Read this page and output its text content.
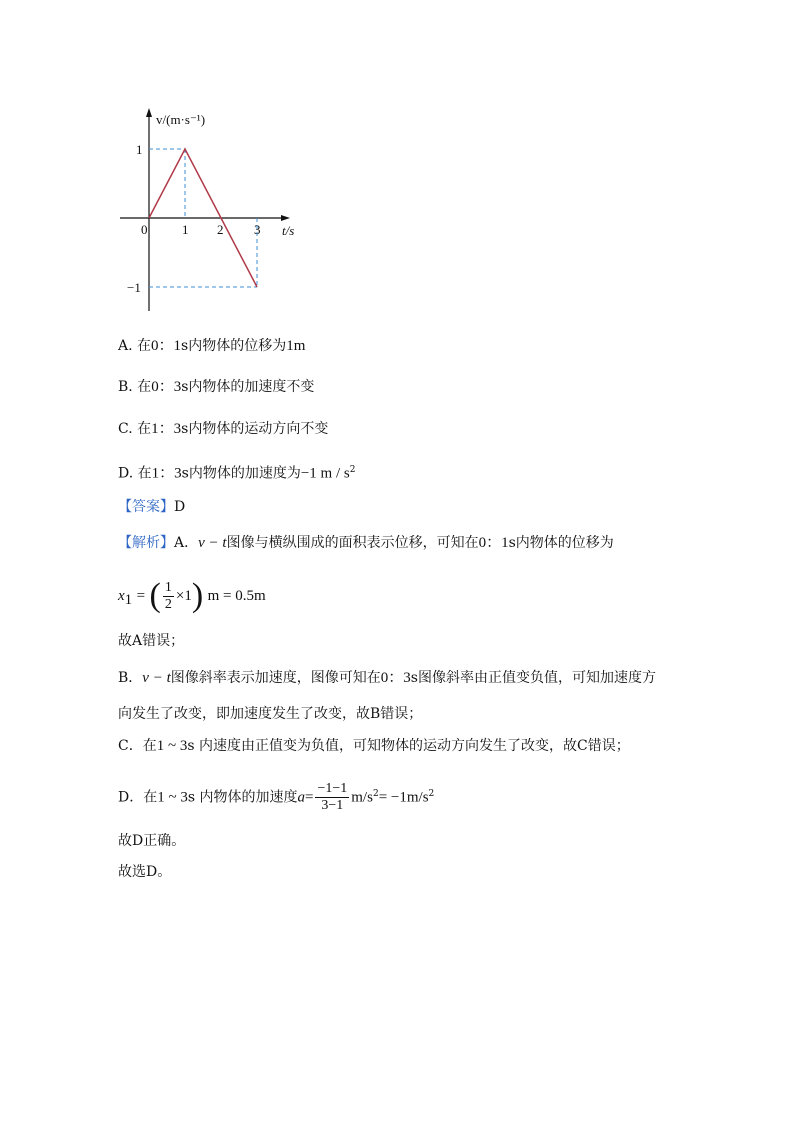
0	1 2 3
1
−1
t/s
v/(m·s⁻¹)
A. 在0：1s内物体的位移为1m
B. 在0：3s内物体的加速度不变
C. 在1：3s内物体的运动方向不变
D. 在1：3s内物体的加速度为−1 m / $s^2$
【答案】D
【解析】A．v − t图像与横纵围成的面积表示位移，可知在0：1s内物体的位移为
$x_1$ = ( $\frac{1}{2} \times 1$) m = 0.5m
故A错误；
B．v − t图像斜率表示加速度，图像可知在0：3s图像斜率由正值变负值，可知加速度方
向发生了改变，即加速度发生了改变，故B错误；
C．在1 ~ 3s 内速度由正值变为负值，可知物体的运动方向发生了改变，故C错误；
D．在1 ~ 3s 内物体的加速度$a= \frac{-1-1}{3-1} m/s^2= -1m/s^2$
故D正确。
故选D。
